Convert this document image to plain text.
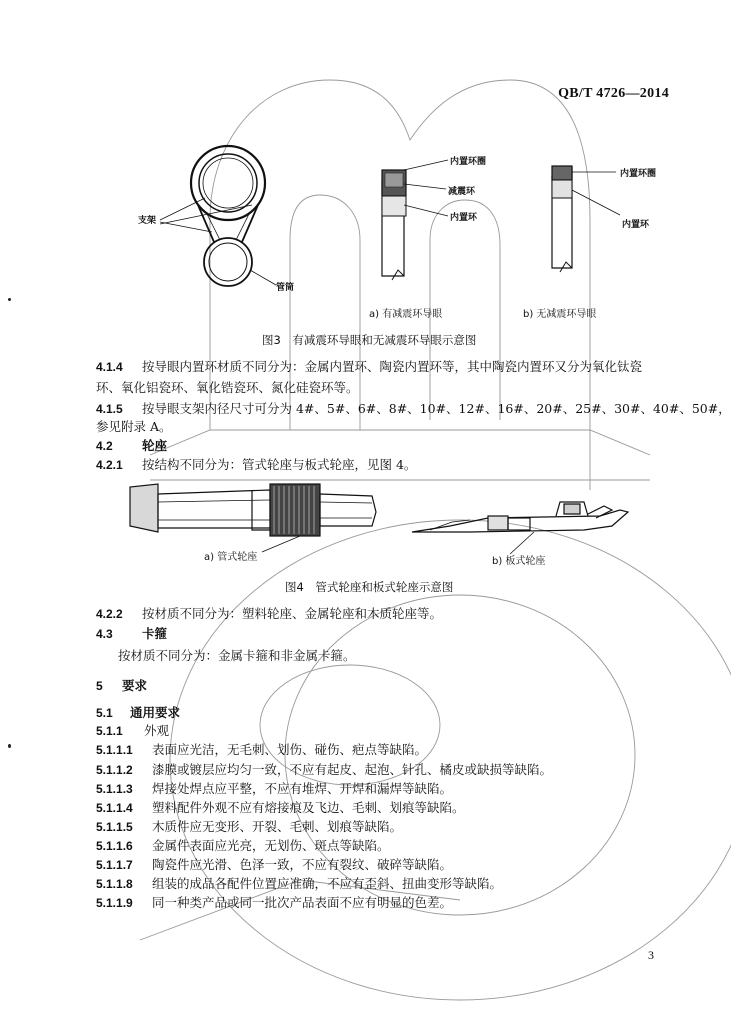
QB/T 4726—2014
支架
管筒
内置环圈
减震环
内置环
内置环圈
内置环
a) 有减震环导眼	b) 无减震环导眼
图3　有减震环导眼和无减震环导眼示意图
4.1.4 按导眼内置环材质不同分为：金属内置环、陶瓷内置环等，其中陶瓷内置环又分为氧化钛瓷
环、氧化铝瓷环、氧化锆瓷环、氮化硅瓷环等。
4.1.5 按导眼支架内径尺寸可分为 4#、5#、6#、8#、10#、12#、16#、20#、25#、30#、40#、50#，
参见附录 A。
4.2 轮座
4.2.1 按结构不同分为：管式轮座与板式轮座，见图 4。
a) 管式轮座	b) 板式轮座
图4　管式轮座和板式轮座示意图
4.2.2 按材质不同分为：塑料轮座、金属轮座和木质轮座等。
4.3 卡箍
按材质不同分为：金属卡箍和非金属卡箍。
5 要求
5.1 通用要求
5.1.1 外观
5.1.1.1 表面应光洁，无毛刺、划伤、碰伤、疤点等缺陷。
5.1.1.2 漆膜或镀层应均匀一致，不应有起皮、起泡、针孔、橘皮或缺损等缺陷。
5.1.1.3 焊接处焊点应平整，不应有堆焊、开焊和漏焊等缺陷。
5.1.1.4 塑料配件外观不应有熔接痕及飞边、毛刺、划痕等缺陷。
5.1.1.5 木质件应无变形、开裂、毛刺、划痕等缺陷。
5.1.1.6 金属件表面应光亮，无划伤、斑点等缺陷。
5.1.1.7 陶瓷件应光滑、色泽一致，不应有裂纹、破碎等缺陷。
5.1.1.8 组装的成品各配件位置应准确，不应有歪斜、扭曲变形等缺陷。
5.1.1.9 同一种类产品或同一批次产品表面不应有明显的色差。
3
